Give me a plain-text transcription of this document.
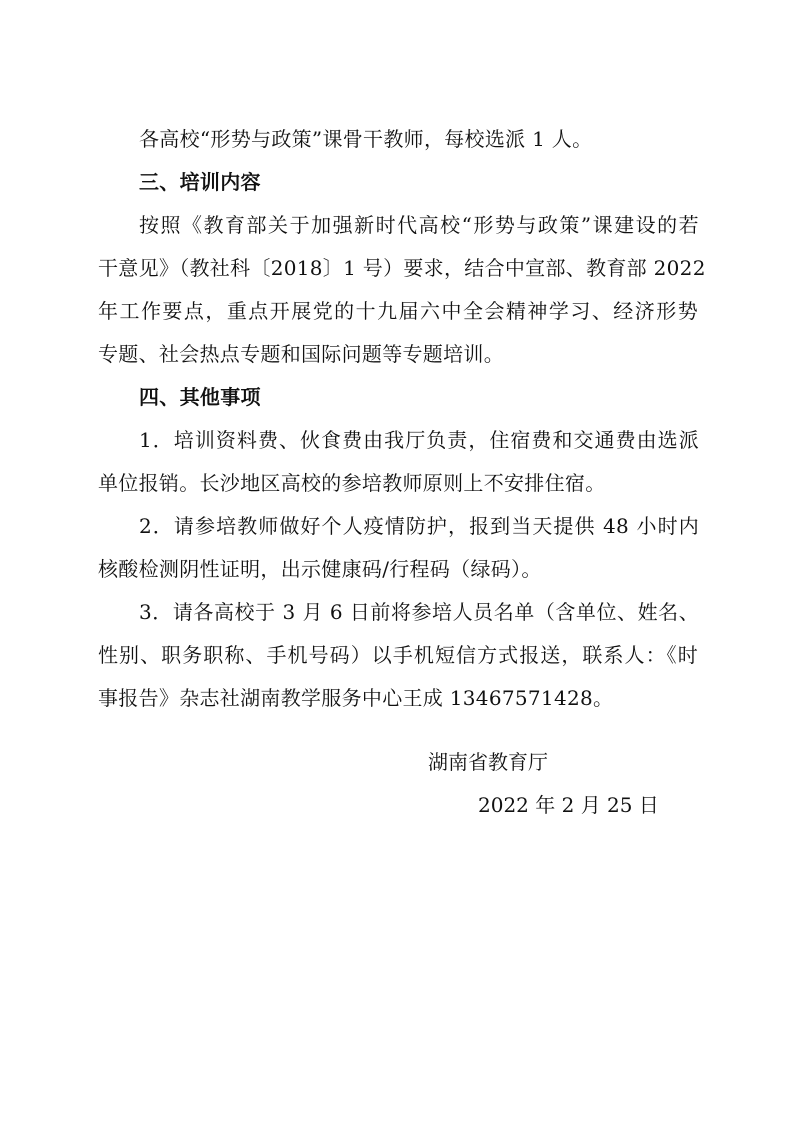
各高校“形势与政策”课骨干教师，每校选派 1 人。
三、培训内容
按照《教育部关于加强新时代高校“形势与政策”课建设的若
干意见》（教社科〔2018〕1 号）要求，结合中宣部、教育部 2022
年工作要点，重点开展党的十九届六中全会精神学习、经济形势
专题、社会热点专题和国际问题等专题培训。
四、其他事项
1．培训资料费、伙食费由我厅负责，住宿费和交通费由选派
单位报销。长沙地区高校的参培教师原则上不安排住宿。
2．请参培教师做好个人疫情防护，报到当天提供 48 小时内
核酸检测阴性证明，出示健康码/行程码（绿码）。
3．请各高校于 3 月 6 日前将参培人员名单（含单位、姓名、
性别、职务职称、手机号码）以手机短信方式报送，联系人：《时
事报告》杂志社湖南教学服务中心王成 13467571428。
湖南省教育厅
2022 年 2 月 25 日
